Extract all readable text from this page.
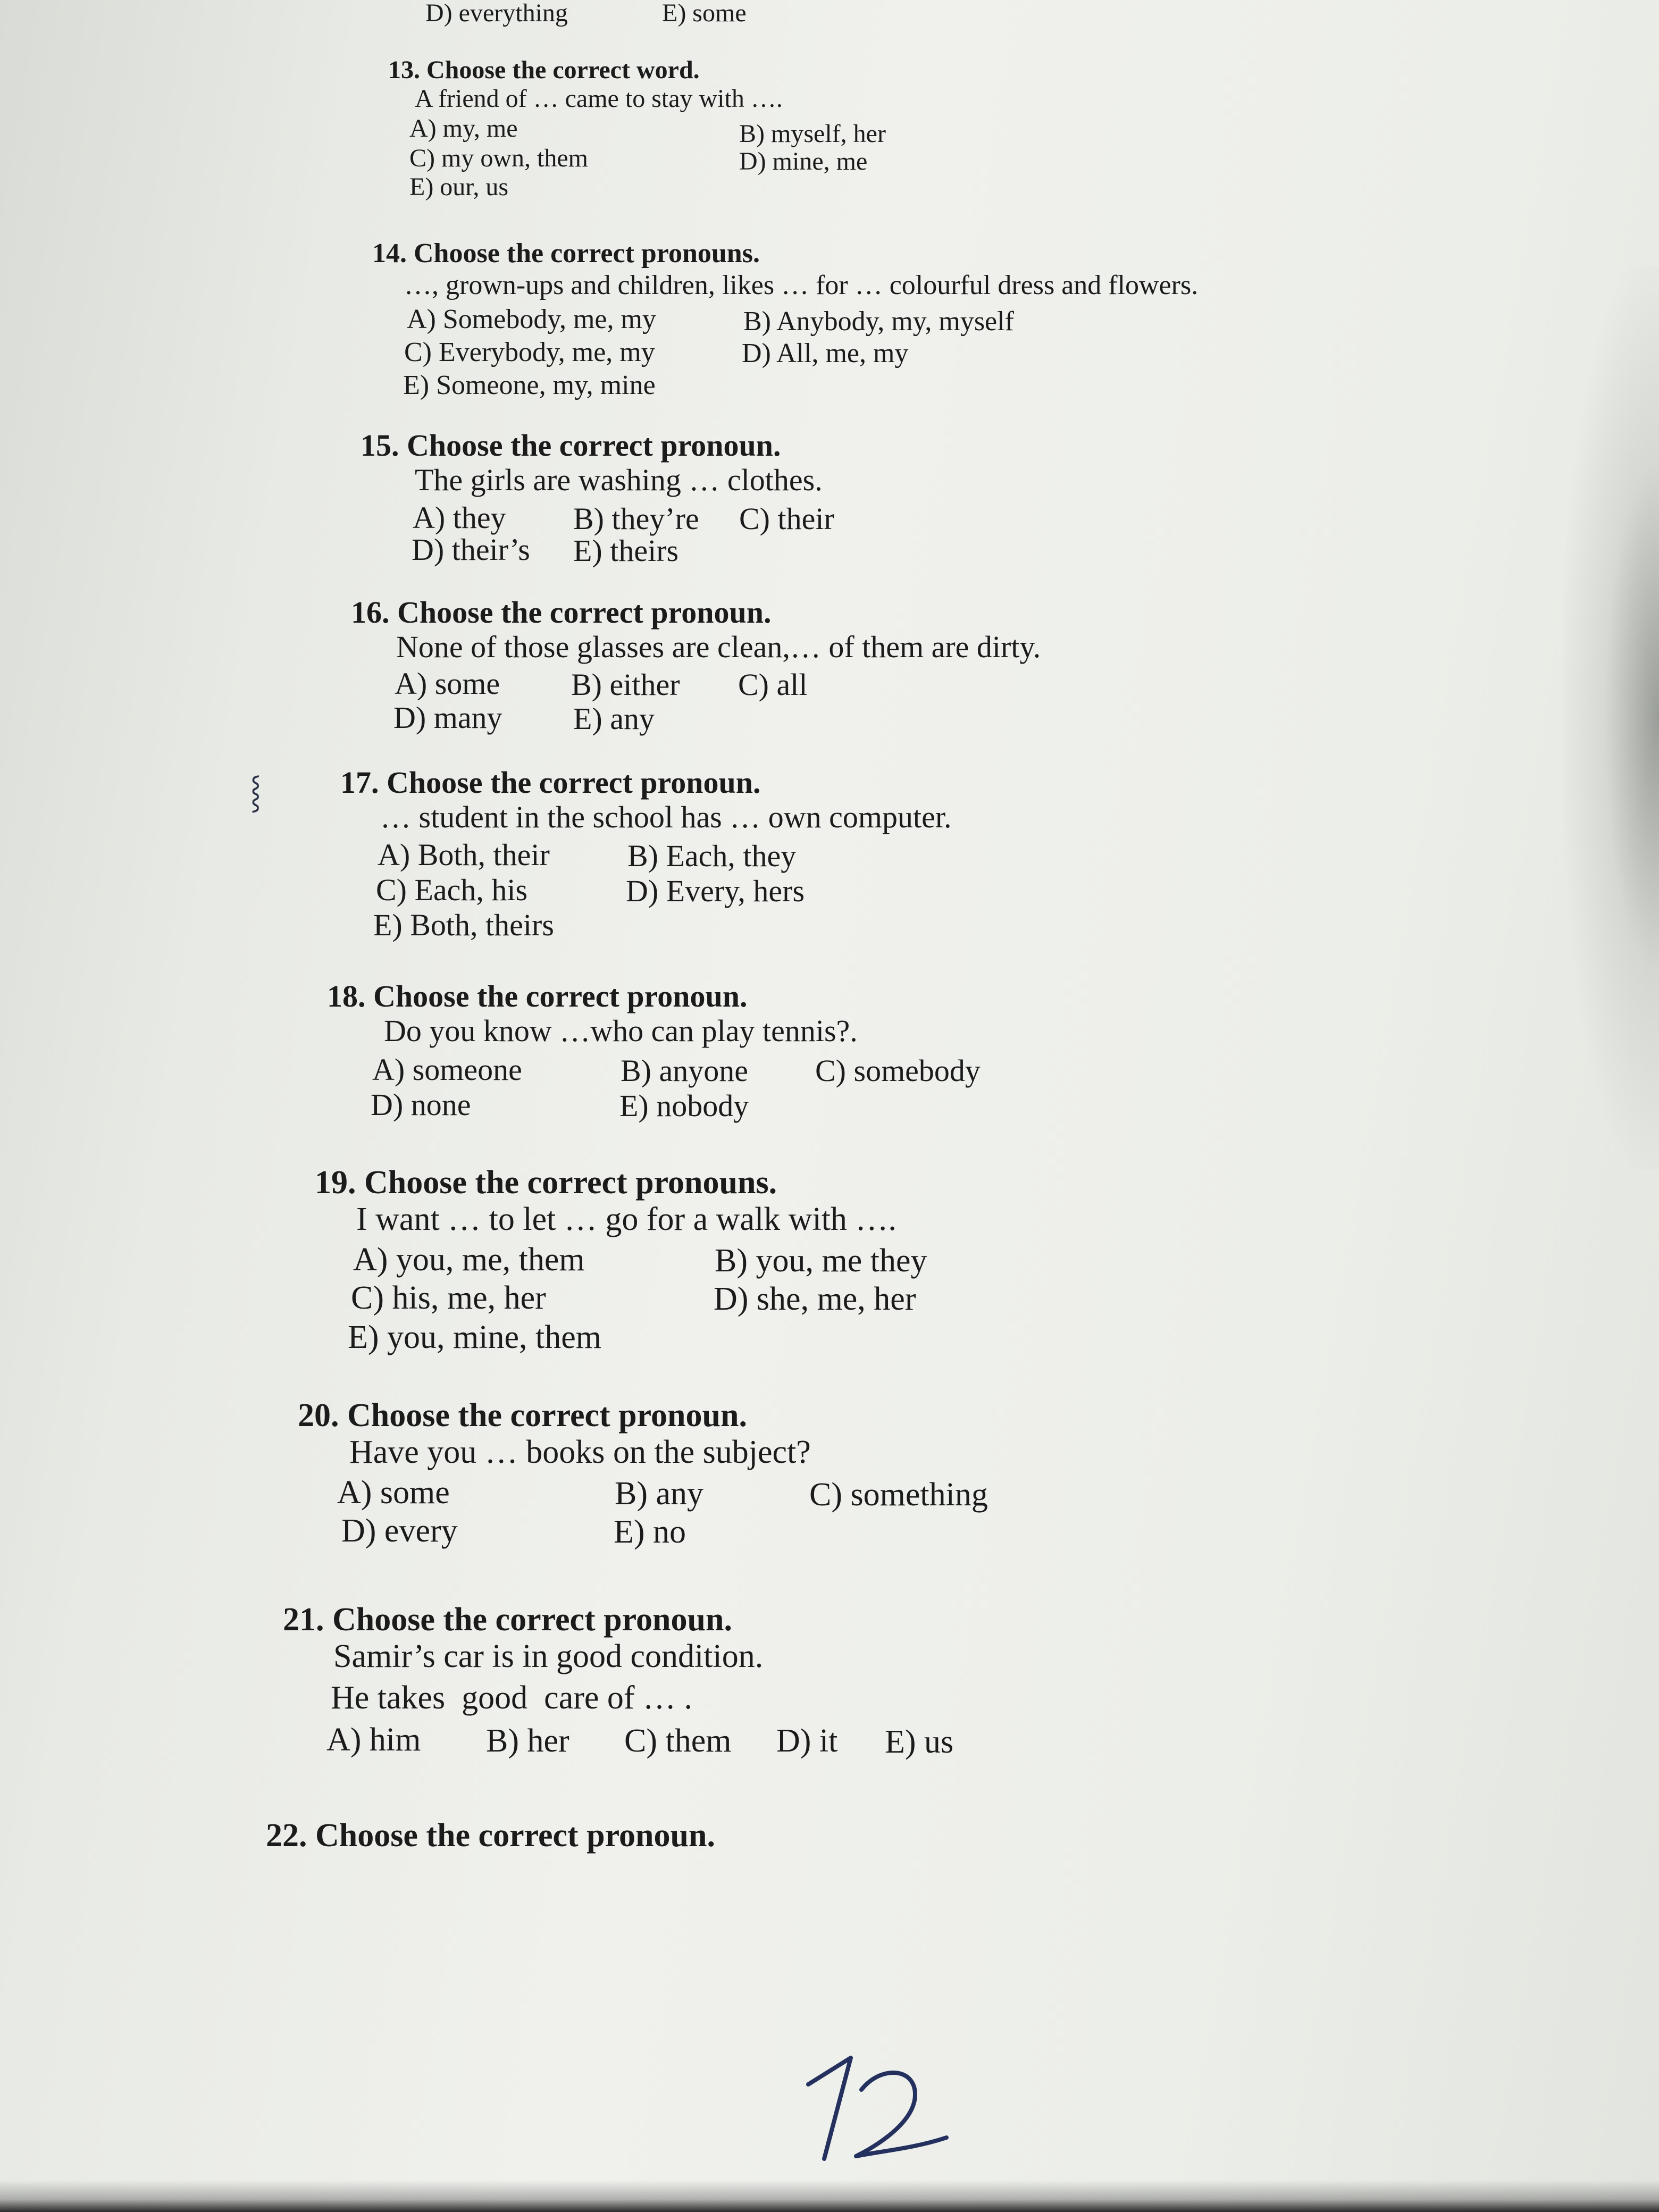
D) everything	E) some
13. Choose the correct word.
A friend of … came to stay with ….
A) my, me	B) myself, her
C) my own, them	D) mine, me
E) our, us
14. Choose the correct pronouns.
…, grown-ups and children, likes … for … colourful dress and flowers.
A) Somebody, me, my	B) Anybody, my, myself
C) Everybody, me, my	D) All, me, my
E) Someone, my, mine
15. Choose the correct pronoun.
The girls are washing … clothes.
A) they B) they’re C) their
D) their’s E) theirs
16. Choose the correct pronoun.
None of those glasses are clean,… of them are dirty.
A) some B) either C) all
D) many E) any
⸾	17. Choose the correct pronoun.
… student in the school has … own computer.
A) Both, their	B) Each, they
C) Each, his	D) Every, hers
E) Both, theirs
18. Choose the correct pronoun.
Do you know …who can play tennis?.
A) someone	B) anyone C) somebody
D) none	E) nobody
19. Choose the correct pronouns.
I want … to let … go for a walk with ….
A) you, me, them	B) you, me they
C) his, me, her	D) she, me, her
E) you, mine, them
20. Choose the correct pronoun.
Have you … books on the subject?
A) some	B) any	C) something
D) every	E) no
21. Choose the correct pronoun.
Samir’s car is in good condition.
He takes  good  care of … .
A) him B) her C) them D) it E) us
22. Choose the correct pronoun.
